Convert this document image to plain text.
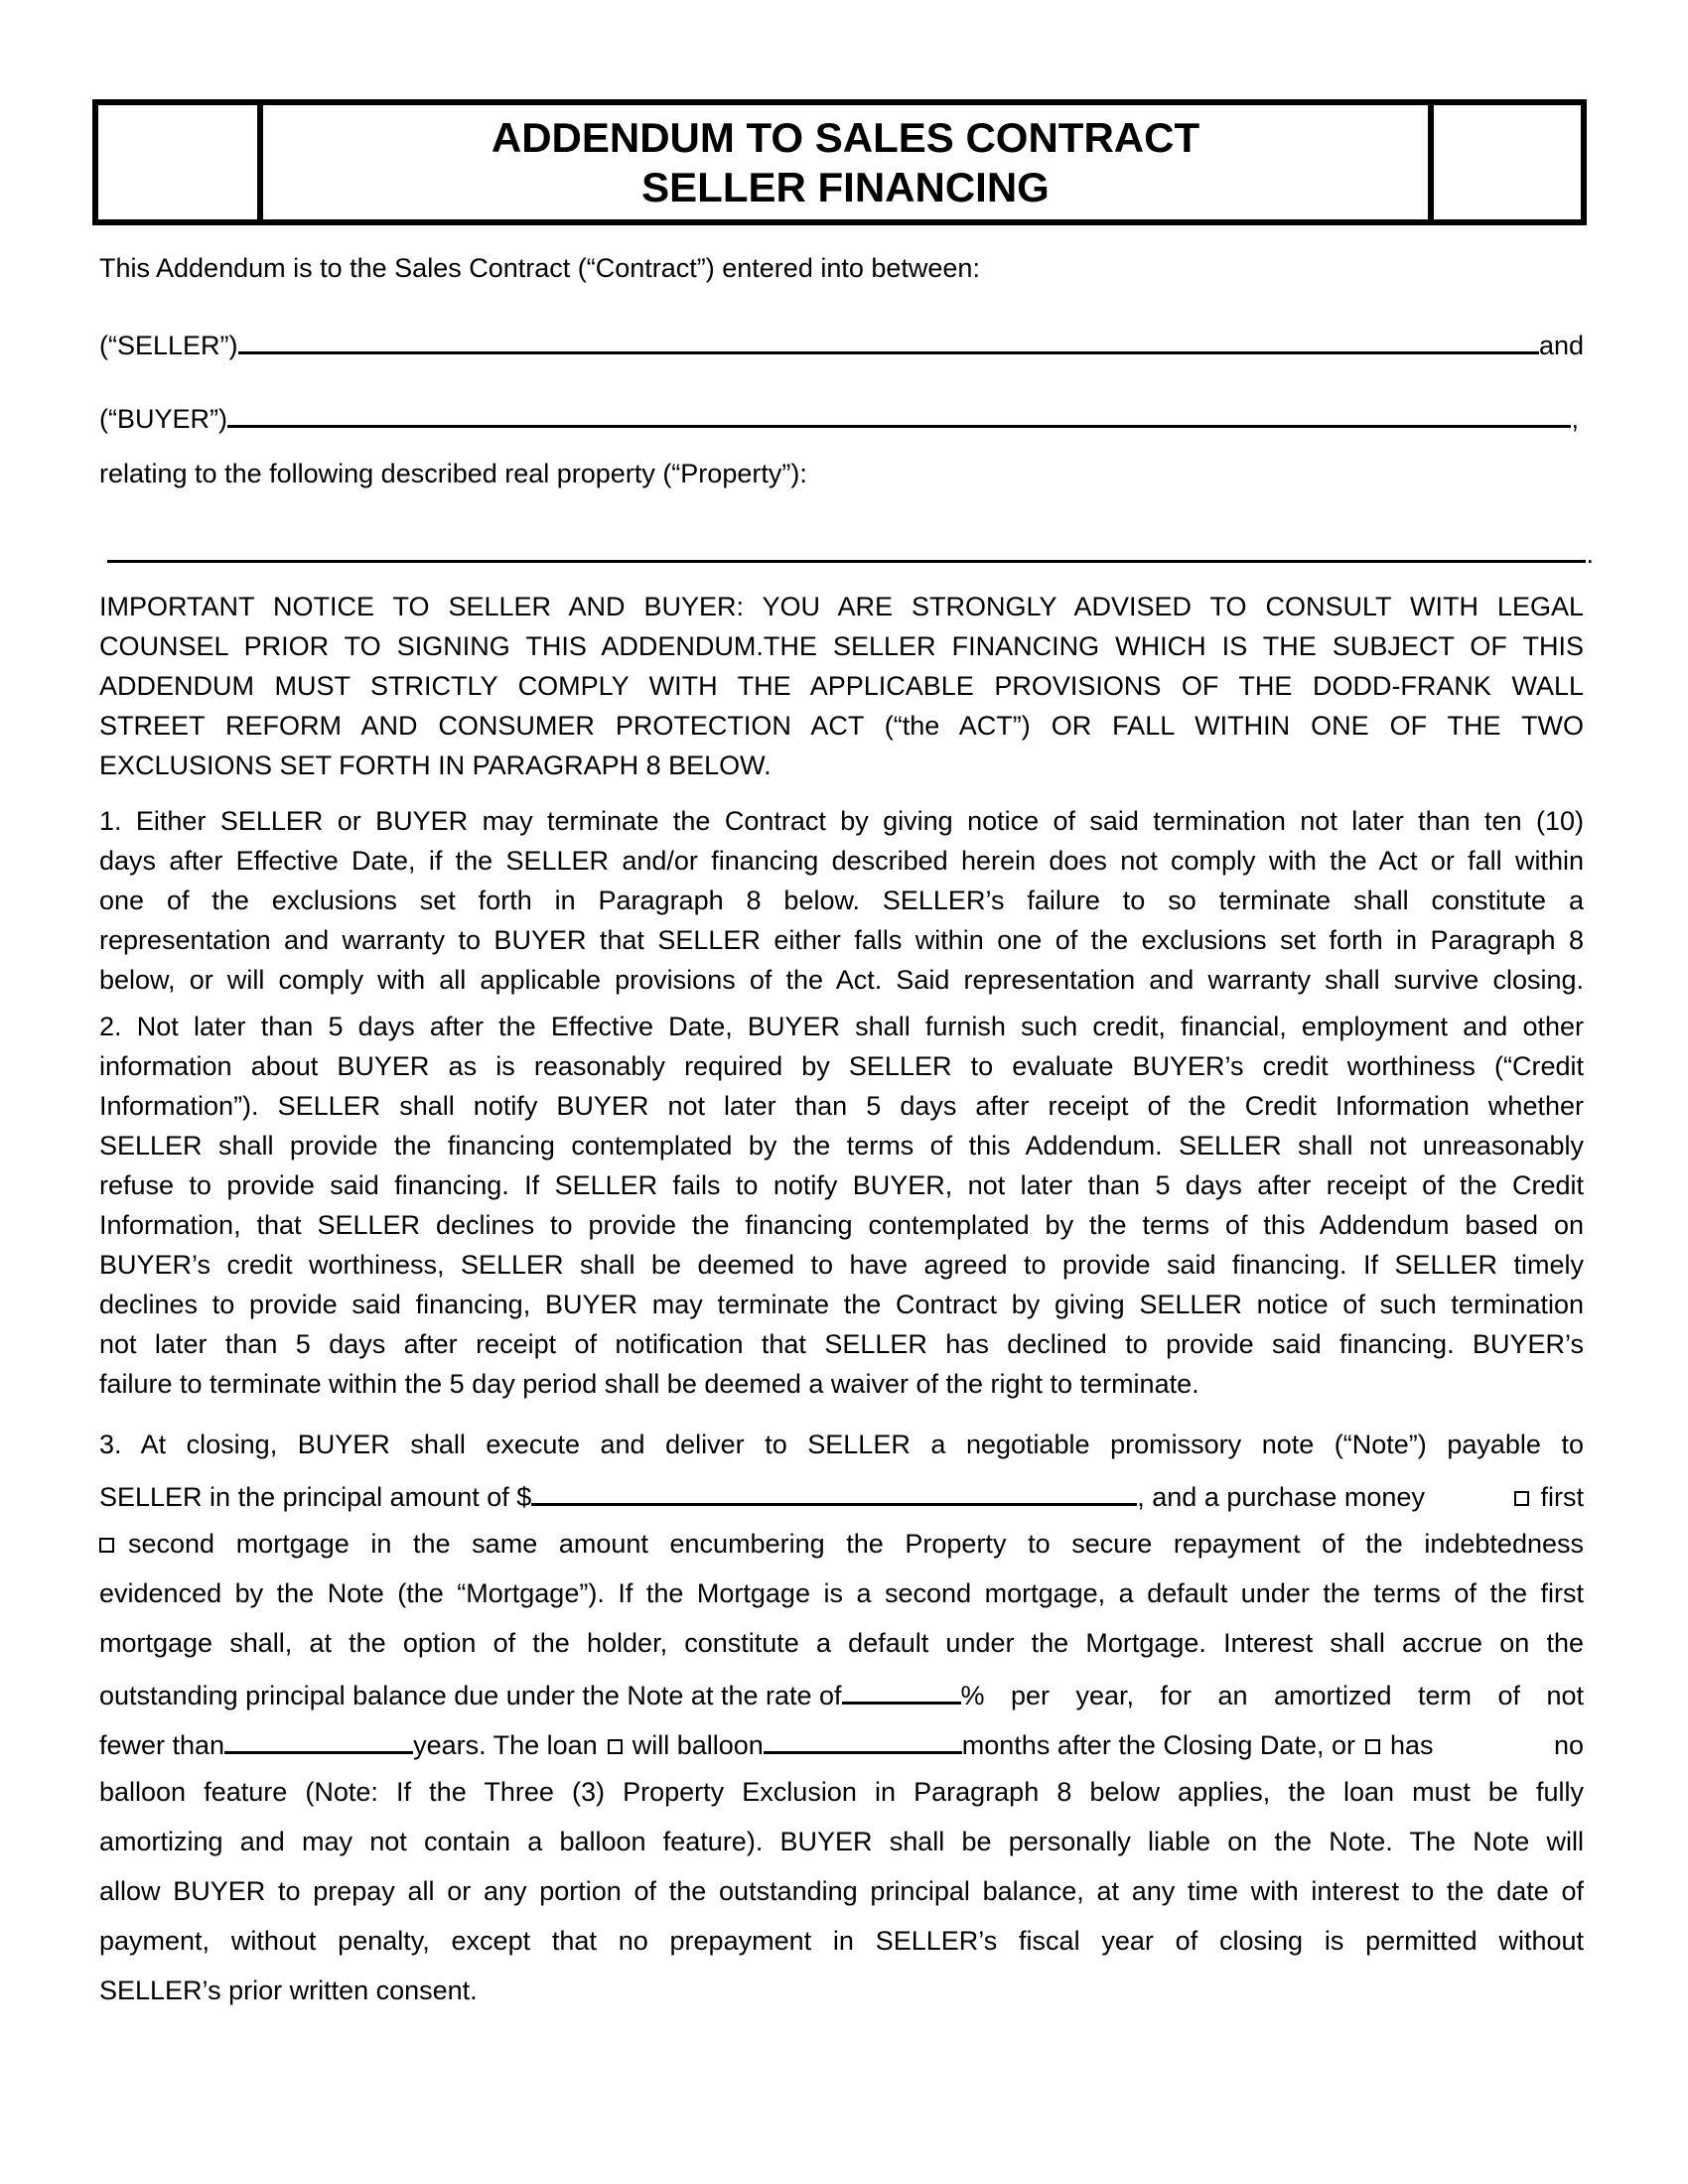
ADDENDUM TO SALES CONTRACT
SELLER FINANCING
This Addendum is to the Sales Contract (“Contract”) entered into between:
(“SELLER”)	and
(“BUYER”)	,
relating to the following described real property (“Property”):
.
IMPORTANT NOTICE TO SELLER AND BUYER: YOU ARE STRONGLY ADVISED TO CONSULT WITH LEGAL
COUNSEL PRIOR TO SIGNING THIS ADDENDUM.THE SELLER FINANCING WHICH IS THE SUBJECT OF THIS
ADDENDUM MUST STRICTLY COMPLY WITH THE APPLICABLE PROVISIONS OF THE DODD-FRANK WALL
STREET REFORM AND CONSUMER PROTECTION ACT (“the ACT”) OR FALL WITHIN ONE OF THE TWO
EXCLUSIONS SET FORTH IN PARAGRAPH 8 BELOW.
1. Either SELLER or BUYER may terminate the Contract by giving notice of said termination not later than ten (10)
days after Effective Date, if the SELLER and/or financing described herein does not comply with the Act or fall within
one of the exclusions set forth in Paragraph 8 below. SELLER’s failure to so terminate shall constitute a
representation and warranty to BUYER that SELLER either falls within one of the exclusions set forth in Paragraph 8
below, or will comply with all applicable provisions of the Act. Said representation and warranty shall survive closing.
2. Not later than 5 days after the Effective Date, BUYER shall furnish such credit, financial, employment and other
information about BUYER as is reasonably required by SELLER to evaluate BUYER’s credit worthiness (“Credit
Information”). SELLER shall notify BUYER not later than 5 days after receipt of the Credit Information whether
SELLER shall provide the financing contemplated by the terms of this Addendum. SELLER shall not unreasonably
refuse to provide said financing. If SELLER fails to notify BUYER, not later than 5 days after receipt of the Credit
Information, that SELLER declines to provide the financing contemplated by the terms of this Addendum based on
BUYER’s credit worthiness, SELLER shall be deemed to have agreed to provide said financing. If SELLER timely
declines to provide said financing, BUYER may terminate the Contract by giving SELLER notice of such termination
not later than 5 days after receipt of notification that SELLER has declined to provide said financing. BUYER’s
failure to terminate within the 5 day period shall be deemed a waiver of the right to terminate.
3. At closing, BUYER shall execute and deliver to SELLER a negotiable promissory note (“Note”) payable to
SELLER in the principal amount of $	, and a purchase money	first
second mortgage in the same amount encumbering the Property to secure repayment of the indebtedness
evidenced by the Note (the “Mortgage”). If the Mortgage is a second mortgage, a default under the terms of the first
mortgage shall, at the option of the holder, constitute a default under the Mortgage. Interest shall accrue on the
outstanding principal balance due under the Note at the rate of	% per year, for an amortized term of not
fewer than	years. The loan will balloon	months after the Closing Date, or has no
balloon feature (Note: If the Three (3) Property Exclusion in Paragraph 8 below applies, the loan must be fully
amortizing and may not contain a balloon feature). BUYER shall be personally liable on the Note. The Note will
allow BUYER to prepay all or any portion of the outstanding principal balance, at any time with interest to the date of
payment, without penalty, except that no prepayment in SELLER’s fiscal year of closing is permitted without
SELLER’s prior written consent.
